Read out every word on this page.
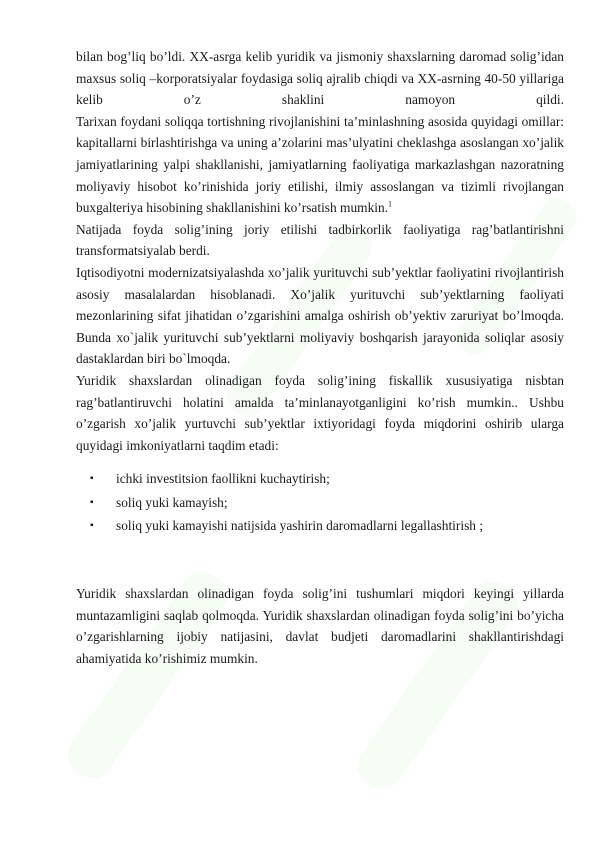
bilan bog’liq bo’ldi. XX-asrga kelib yuridik va jismoniy shaxslarning daromad solig’idan maxsus soliq –korporatsiyalar foydasiga soliq ajralib chiqdi va XX-asrning 40-50 yillariga kelib o’z shaklini namoyon qildi.

Tarixan foydani soliqqa tortishning rivojlanishini ta’minlashning asosida quyidagi omillar: kapitallarni birlashtirishga va uning a’zolarini mas’ulyatini cheklashga asoslangan xo’jalik jamiyatlarining yalpi shakllanishi, jamiyatlarning faoliyatiga markazlashgan nazoratning moliyaviy hisobot ko’rinishida joriy etilishi, ilmiy assoslangan va tizimli rivojlangan buxgalteriya hisobining shakllanishini ko’rsatish mumkin.$^1$

Natijada foyda solig’ining joriy etilishi tadbirkorlik faoliyatiga rag’batlantirishni transformatsiyalab berdi.

Iqtisodiyotni modernizatsiyalashda xo’jalik yurituvchi sub’yektlar faoliyatini rivojlantirish asosiy masalalardan hisoblanadi. Xo’jalik yurituvchi sub’yektlarning faoliyati mezonlarining sifat jihatidan o’zgarishini amalga oshirish ob’yektiv zaruriyat bo’lmoqda. Bunda xo`jalik yurituvchi sub’yektlarni moliyaviy boshqarish jarayonida soliqlar asosiy dastaklardan biri bo`lmoqda.

Yuridik shaxslardan olinadigan foyda solig’ining fiskallik xususiyatiga nisbtan rag’batlantiruvchi holatini amalda ta’minlanayotganligini ko’rish mumkin.. Ushbu o’zgarish xo’jalik yurtuvchi sub’yektlar ixtiyoridagi foyda miqdorini oshirib ularga quyidagi imkoniyatlarni taqdim etadi:

▪ ichki investitsion faollikni kuchaytirish;
▪ soliq yuki kamayish;
▪ soliq yuki kamayishi natijsida yashirin daromadlarni legallashtirish ;

Yuridik shaxslardan olinadigan foyda solig’ini tushumlari miqdori keyingi yillarda muntazamligini saqlab qolmoqda. Yuridik shaxslardan olinadigan foyda solig’ini bo’yicha o’zgarishlarning ijobiy natijasini, davlat budjeti daromadlarini shakllantirishdagi ahamiyatida ko’rishimiz mumkin.
